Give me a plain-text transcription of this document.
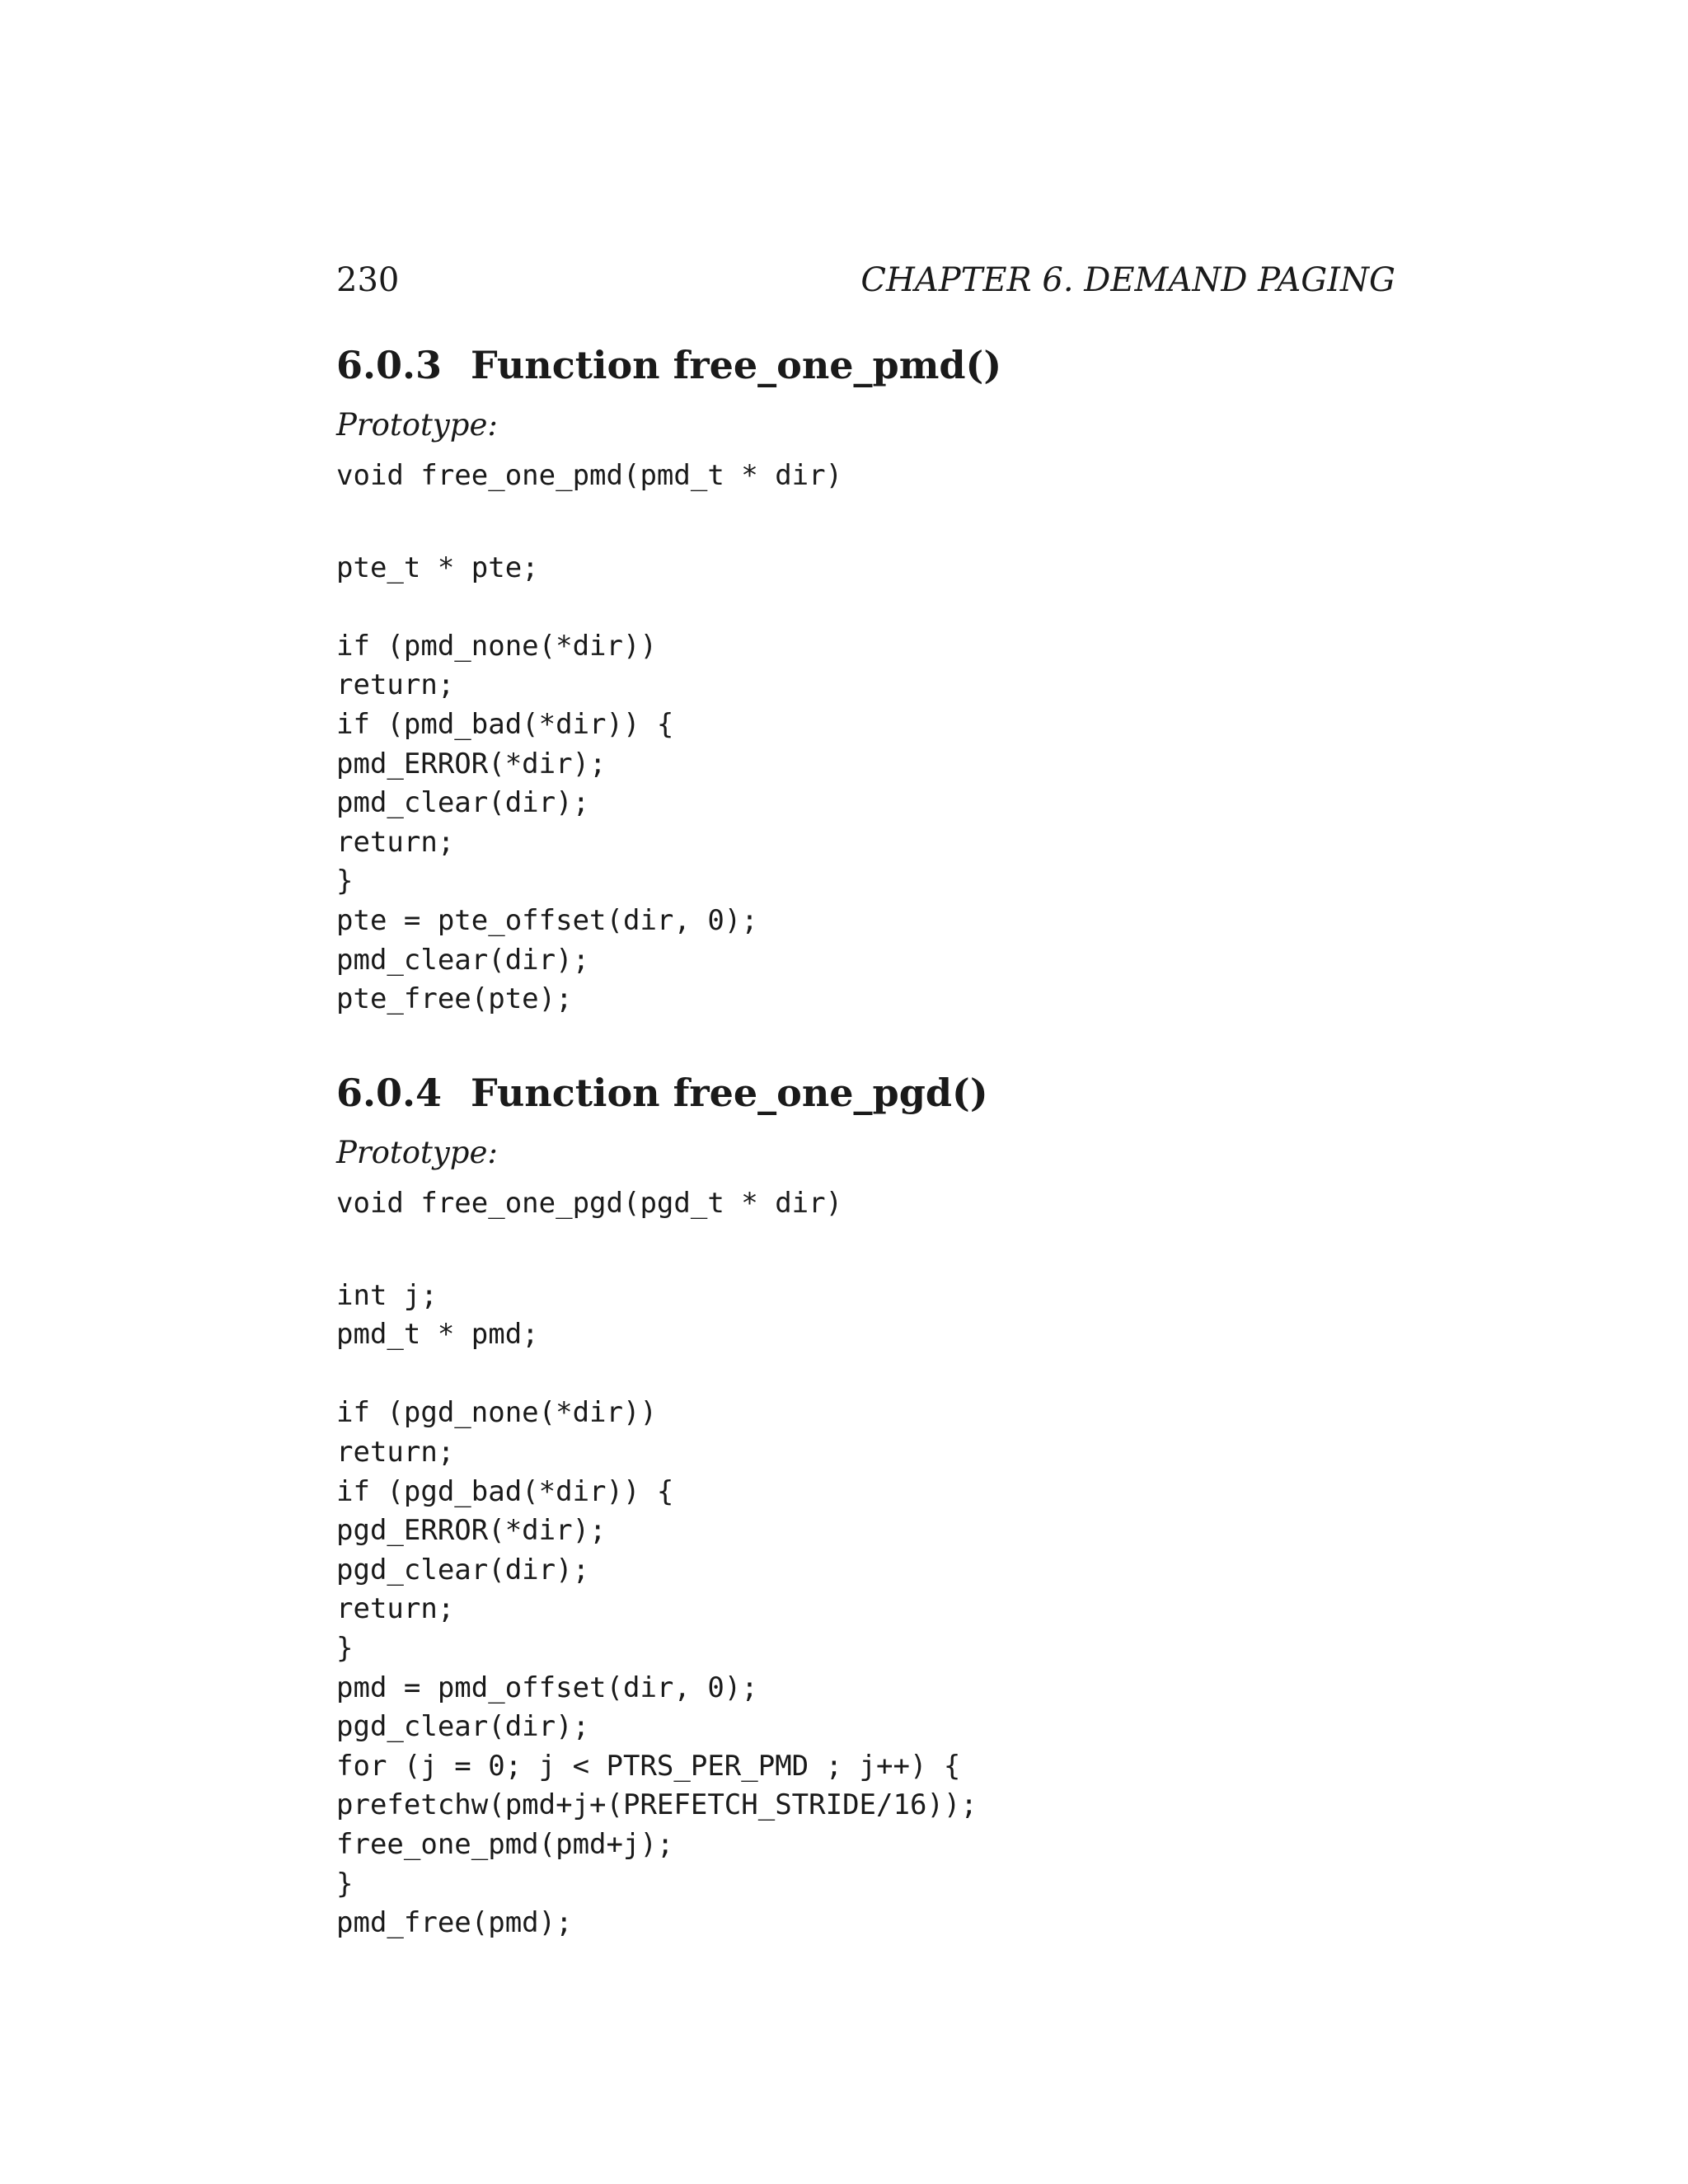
230	CHAPTER 6. DEMAND PAGING
6.0.3 Function free_one_pmd()
Prototype:
void free_one_pmd(pmd_t * dir)
pte_t * pte;
if (pmd_none(*dir))
return;
if (pmd_bad(*dir)) {
pmd_ERROR(*dir);
pmd_clear(dir);
return;
}
pte = pte_offset(dir, 0);
pmd_clear(dir);
pte_free(pte);
6.0.4 Function free_one_pgd()
Prototype:
void free_one_pgd(pgd_t * dir)
int j;
pmd_t * pmd;
if (pgd_none(*dir))
return;
if (pgd_bad(*dir)) {
pgd_ERROR(*dir);
pgd_clear(dir);
return;
}
pmd = pmd_offset(dir, 0);
pgd_clear(dir);
for (j = 0; j < PTRS_PER_PMD ; j++) {
prefetchw(pmd+j+(PREFETCH_STRIDE/16));
free_one_pmd(pmd+j);
}
pmd_free(pmd);
